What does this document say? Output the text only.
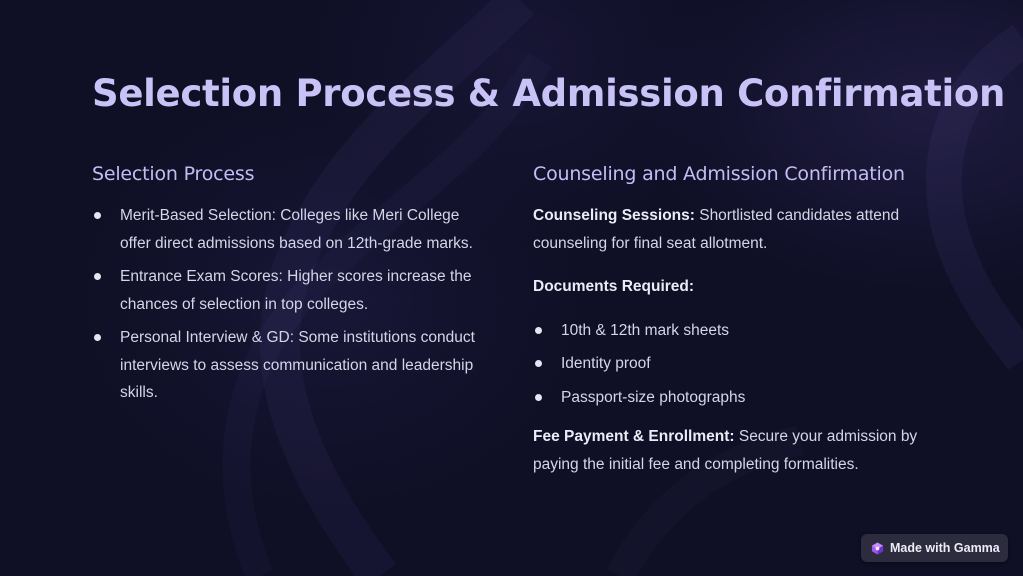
Selection Process & Admission Confirmation
Selection Process
Merit-Based Selection: Colleges like Meri College offer direct admissions based on 12th-grade marks.
Entrance Exam Scores: Higher scores increase the chances of selection in top colleges.
Personal Interview & GD: Some institutions conduct interviews to assess communication and leadership skills.
Counseling and Admission Confirmation

Counseling Sessions: Shortlisted candidates attend counseling for final seat allotment.

Documents Required:

10th & 12th mark sheets
Identity proof
Passport-size photographs

Fee Payment & Enrollment: Secure your admission by paying the initial fee and completing formalities.

Made with Gamma
